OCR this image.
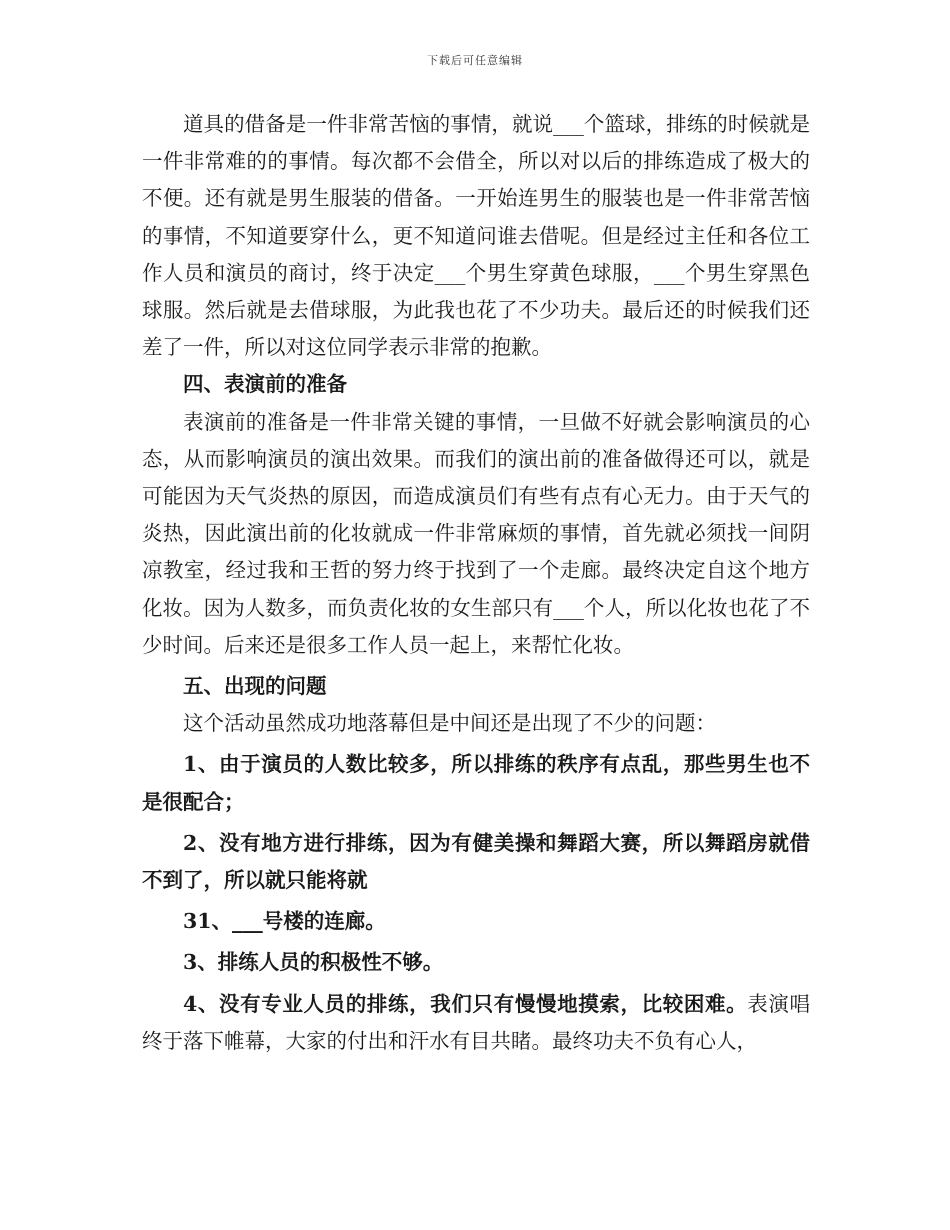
下载后可任意编辑

道具的借备是一件非常苦恼的事情，就说___个篮球，排练的时候就是一件非常难的的事情。每次都不会借全，所以对以后的排练造成了极大的不便。还有就是男生服装的借备。一开始连男生的服装也是一件非常苦恼的事情，不知道要穿什么，更不知道问谁去借呢。但是经过主任和各位工作人员和演员的商讨，终于决定___个男生穿黄色球服，___个男生穿黑色球服。然后就是去借球服，为此我也花了不少功夫。最后还的时候我们还差了一件，所以对这位同学表示非常的抱歉。

四、表演前的准备

表演前的准备是一件非常关键的事情，一旦做不好就会影响演员的心态，从而影响演员的演出效果。而我们的演出前的准备做得还可以，就是可能因为天气炎热的原因，而造成演员们有些有点有心无力。由于天气的炎热，因此演出前的化妆就成一件非常麻烦的事情，首先就必须找一间阴凉教室，经过我和王哲的努力终于找到了一个走廊。最终决定自这个地方化妆。因为人数多，而负责化妆的女生部只有___个人，所以化妆也花了不少时间。后来还是很多工作人员一起上，来帮忙化妆。

五、出现的问题

这个活动虽然成功地落幕但是中间还是出现了不少的问题：

1、由于演员的人数比较多，所以排练的秩序有点乱，那些男生也不是很配合；

2、没有地方进行排练，因为有健美操和舞蹈大赛，所以舞蹈房就借不到了，所以就只能将就

31、___号楼的连廊。

3、排练人员的积极性不够。

4、没有专业人员的排练，我们只有慢慢地摸索，比较困难。表演唱终于落下帷幕，大家的付出和汗水有目共睹。最终功夫不负有心人，
